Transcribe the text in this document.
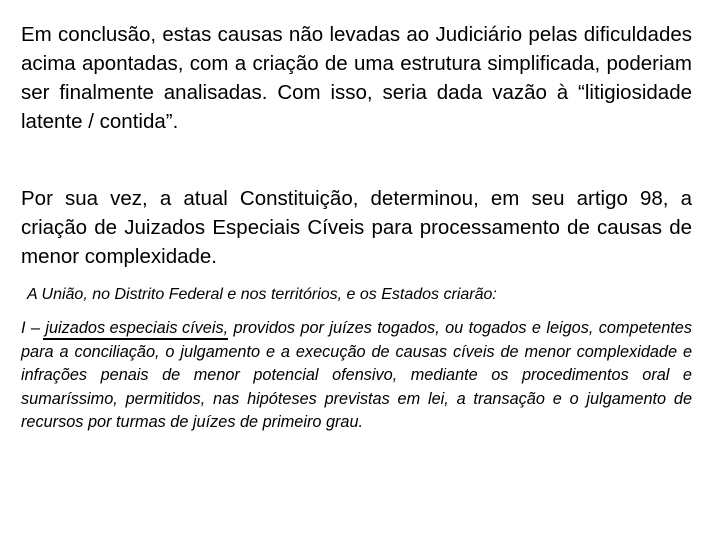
Em conclusão, estas causas não levadas ao Judiciário pelas dificuldades acima apontadas, com a criação de uma estrutura simplificada, poderiam ser finalmente analisadas. Com isso, seria dada vazão à “litigiosidade latente / contida”.

Por sua vez, a atual Constituição, determinou, em seu artigo 98, a criação de Juizados Especiais Cíveis para processamento de causas de menor complexidade.

A União, no Distrito Federal e nos territórios, e os Estados criarão:

I – juizados especiais cíveis, providos por juízes togados, ou togados e leigos, competentes para a conciliação, o julgamento e a execução de causas cíveis de menor complexidade e infrações penais de menor potencial ofensivo, mediante os procedimentos oral e sumaríssimo, permitidos, nas hipóteses previstas em lei, a transação e o julgamento de recursos por turmas de juízes de primeiro grau.
